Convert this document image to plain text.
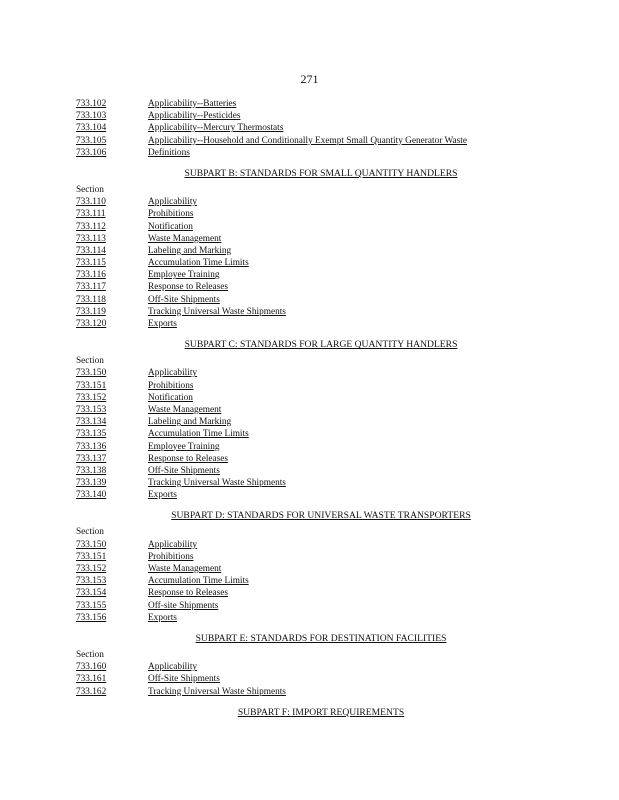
271
733.102	Applicability--Batteries
733.103	Applicability--Pesticides
733.104	Applicability--Mercury Thermostats
733.105	Applicability--Household and Conditionally Exempt Small Quantity Generator Waste
733.106	Definitions
SUBPART B: STANDARDS FOR SMALL QUANTITY HANDLERS
Section
733.110	Applicability
733.111	Prohibitions
733.112	Notification
733.113	Waste Management
733.114	Labeling and Marking
733.115	Accumulation Time Limits
733.116	Employee Training
733.117	Response to Releases
733.118	Off-Site Shipments
733.119	Tracking Universal Waste Shipments
733.120	Exports
SUBPART C: STANDARDS FOR LARGE QUANTITY HANDLERS
Section
733.150	Applicability
733.151	Prohibitions
733.152	Notification
733.153	Waste Management
733.134	Labeling and Marking
733.135	Accumulation Time Limits
733.136	Employee Training
733.137	Response to Releases
733.138	Off-Site Shipments
733.139	Tracking Universal Waste Shipments
733.140	Exports
SUBPART D: STANDARDS FOR UNIVERSAL WASTE TRANSPORTERS
Section
733.150	Applicability
733.151	Prohibitions
733.152	Waste Management
733.153	Accumulation Time Limits
733.154	Response to Releases
733.155	Off-site Shipments
733.156	Exports
SUBPART E: STANDARDS FOR DESTINATION FACILITIES
Section
733.160	Applicability
733.161	Off-Site Shipments
733.162	Tracking Universal Waste Shipments
SUBPART F: IMPORT REQUIREMENTS
